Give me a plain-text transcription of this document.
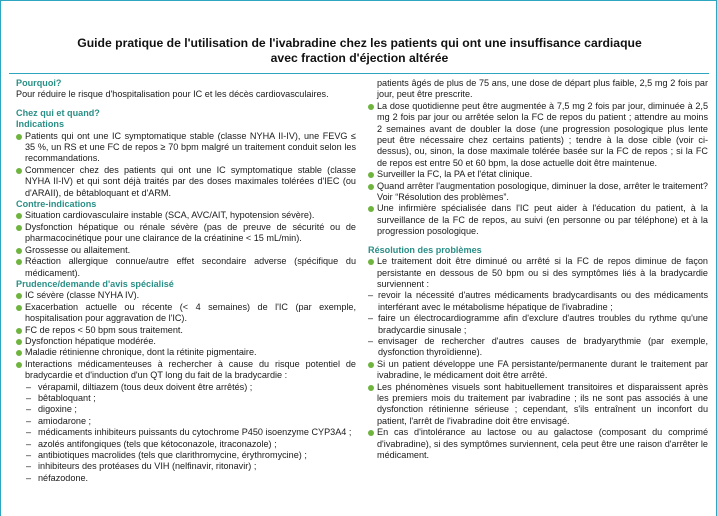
Guide pratique de l'utilisation de l'ivabradine chez les patients qui ont une insuffisance cardiaque
avec fraction d'éjection altérée
Pourquoi?

Pour réduire le risque d'hospitalisation pour IC et les décès cardiovasculaires.

Chez qui et quand?
Indications
Patients qui ont une IC symptomatique stable (classe NYHA II-IV), une FEVG ≤ 35 %, un RS et une FC de repos ≥ 70 bpm malgré un traitement conduit selon les recommandations.
Commencer chez des patients qui ont une IC symptomatique stable (classe NYHA II-IV) et qui sont déjà traités par des doses maximales tolérées d'IEC (ou d'ARAII), de bêtabloquant et d'ARM.
Contre-indications
Situation cardiovasculaire instable (SCA, AVC/AIT, hypotension sévère).
Dysfonction hépatique ou rénale sévère (pas de preuve de sécurité ou de pharmacocinétique pour une clairance de la créatinine < 15 mL/min).
Grossesse ou allaitement.
Réaction allergique connue/autre effet secondaire adverse (spécifique du médicament).
Prudence/demande d'avis spécialisé
IC sévère (classe NYHA IV).
Exacerbation actuelle ou récente (< 4 semaines) de l'IC (par exemple, hospitalisation pour aggravation de l'IC).
FC de repos < 50 bpm sous traitement.
Dysfonction hépatique modérée.
Maladie rétinienne chronique, dont la rétinite pigmentaire.
Interactions médicamenteuses à rechercher à cause du risque potentiel de bradycardie et d'induction d'un QT long du fait de la bradycardie :
– vérapamil, diltiazem (tous deux doivent être arrêtés) ;
– bêtabloquant ;
– digoxine ;
– amiodarone ;
– médicaments inhibiteurs puissants du cytochrome P450 isoenzyme CYP3A4 ;
– azolés antifongiques (tels que kétoconazole, itraconazole) ;
– antibiotiques macrolides (tels que clarithromycine, érythromycine) ;
– inhibiteurs des protéases du VIH (nelfinavir, ritonavir) ;
– néfazodone.

patients âgés de plus de 75 ans, une dose de départ plus faible, 2,5 mg 2 fois par jour, peut être prescrite.

La dose quotidienne peut être augmentée à 7,5 mg 2 fois par jour, diminuée à 2,5 mg 2 fois par jour ou arrêtée selon la FC de repos du patient ; attendre au moins 2 semaines avant de doubler la dose (une progression posologique plus lente peut être nécessaire chez certains patients) ; tendre à la dose cible (voir ci-dessus), ou, sinon, la dose maximale tolérée basée sur la FC de repos ; si la FC de repos est entre 50 et 60 bpm, la dose actuelle doit être maintenue.
Surveiller la FC, la PA et l'état clinique.
Quand arrêter l'augmentation posologique, diminuer la dose, arrêter le traitement? Voir “Résolution des problèmes”.
Une infirmière spécialisée dans l'IC peut aider à l'éducation du patient, à la surveillance de la FC de repos, au suivi (en personne ou par téléphone) et à la progression posologique.
Résolution des problèmes
Le traitement doit être diminué ou arrêté si la FC de repos diminue de façon persistante en dessous de 50 bpm ou si des symptômes liés à la bradycardie surviennent :
– revoir la nécessité d'autres médicaments bradycardisants ou des médicaments interférant avec le métabolisme hépatique de l'ivabradine ;
– faire un électrocardiogramme afin d'exclure d'autres troubles du rythme qu'une bradycardie sinusale ;
– envisager de rechercher d'autres causes de bradyarythmie (par exemple, dysfonction thyroïdienne).
Si un patient développe une FA persistante/permanente durant le traitement par ivabradine, le médicament doit être arrêté.
Les phénomènes visuels sont habituellement transitoires et disparaissent après les premiers mois du traitement par ivabradine ; ils ne sont pas associés à une dysfonction rétinienne sérieuse ; cependant, s'ils entraînent un inconfort du patient, l'arrêt de l'ivabradine doit être envisagé.
En cas d'intolérance au lactose ou au galactose (composant du comprimé d'ivabradine), si des symptômes surviennent, cela peut être une raison d'arrêter le médicament.
